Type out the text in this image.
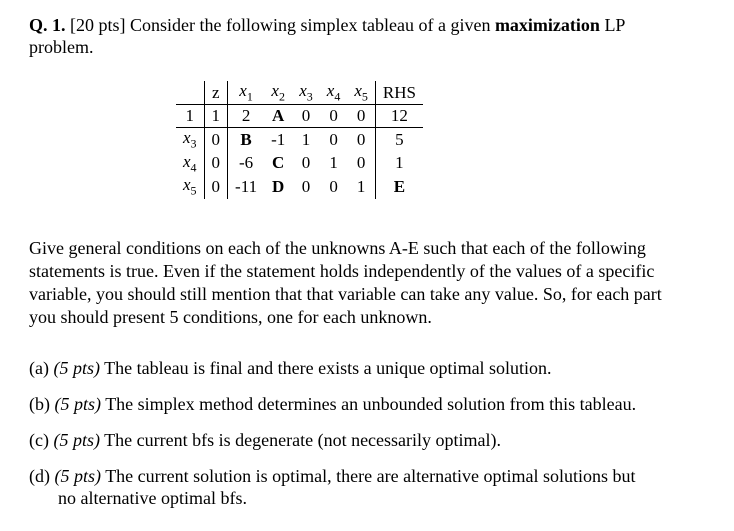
Q. 1. [20 pts] Consider the following simplex tableau of a given maximization LP
problem.
	z	$x_1$	$x_2$	$x_3$	$x_4$	$x_5$	RHS
1	1	2	A	0	0	0	12
$x_3$	0	B	-1	1	0	0	5
$x_4$	0	-6	C	0	1	0	1
$x_5$	0	-11	D	0	0	1	E
Give general conditions on each of the unknowns A-E such that each of the following statements is true. Even if the statement holds independently of the values of a specific variable, you should still mention that that variable can take any value. So, for each part you should present 5 conditions, one for each unknown.
(a) (5 pts) The tableau is final and there exists a unique optimal solution.
(b) (5 pts) The simplex method determines an unbounded solution from this tableau.
(c) (5 pts) The current bfs is degenerate (not necessarily optimal).
(d) (5 pts) The current solution is optimal, there are alternative optimal solutions but
no alternative optimal bfs.
